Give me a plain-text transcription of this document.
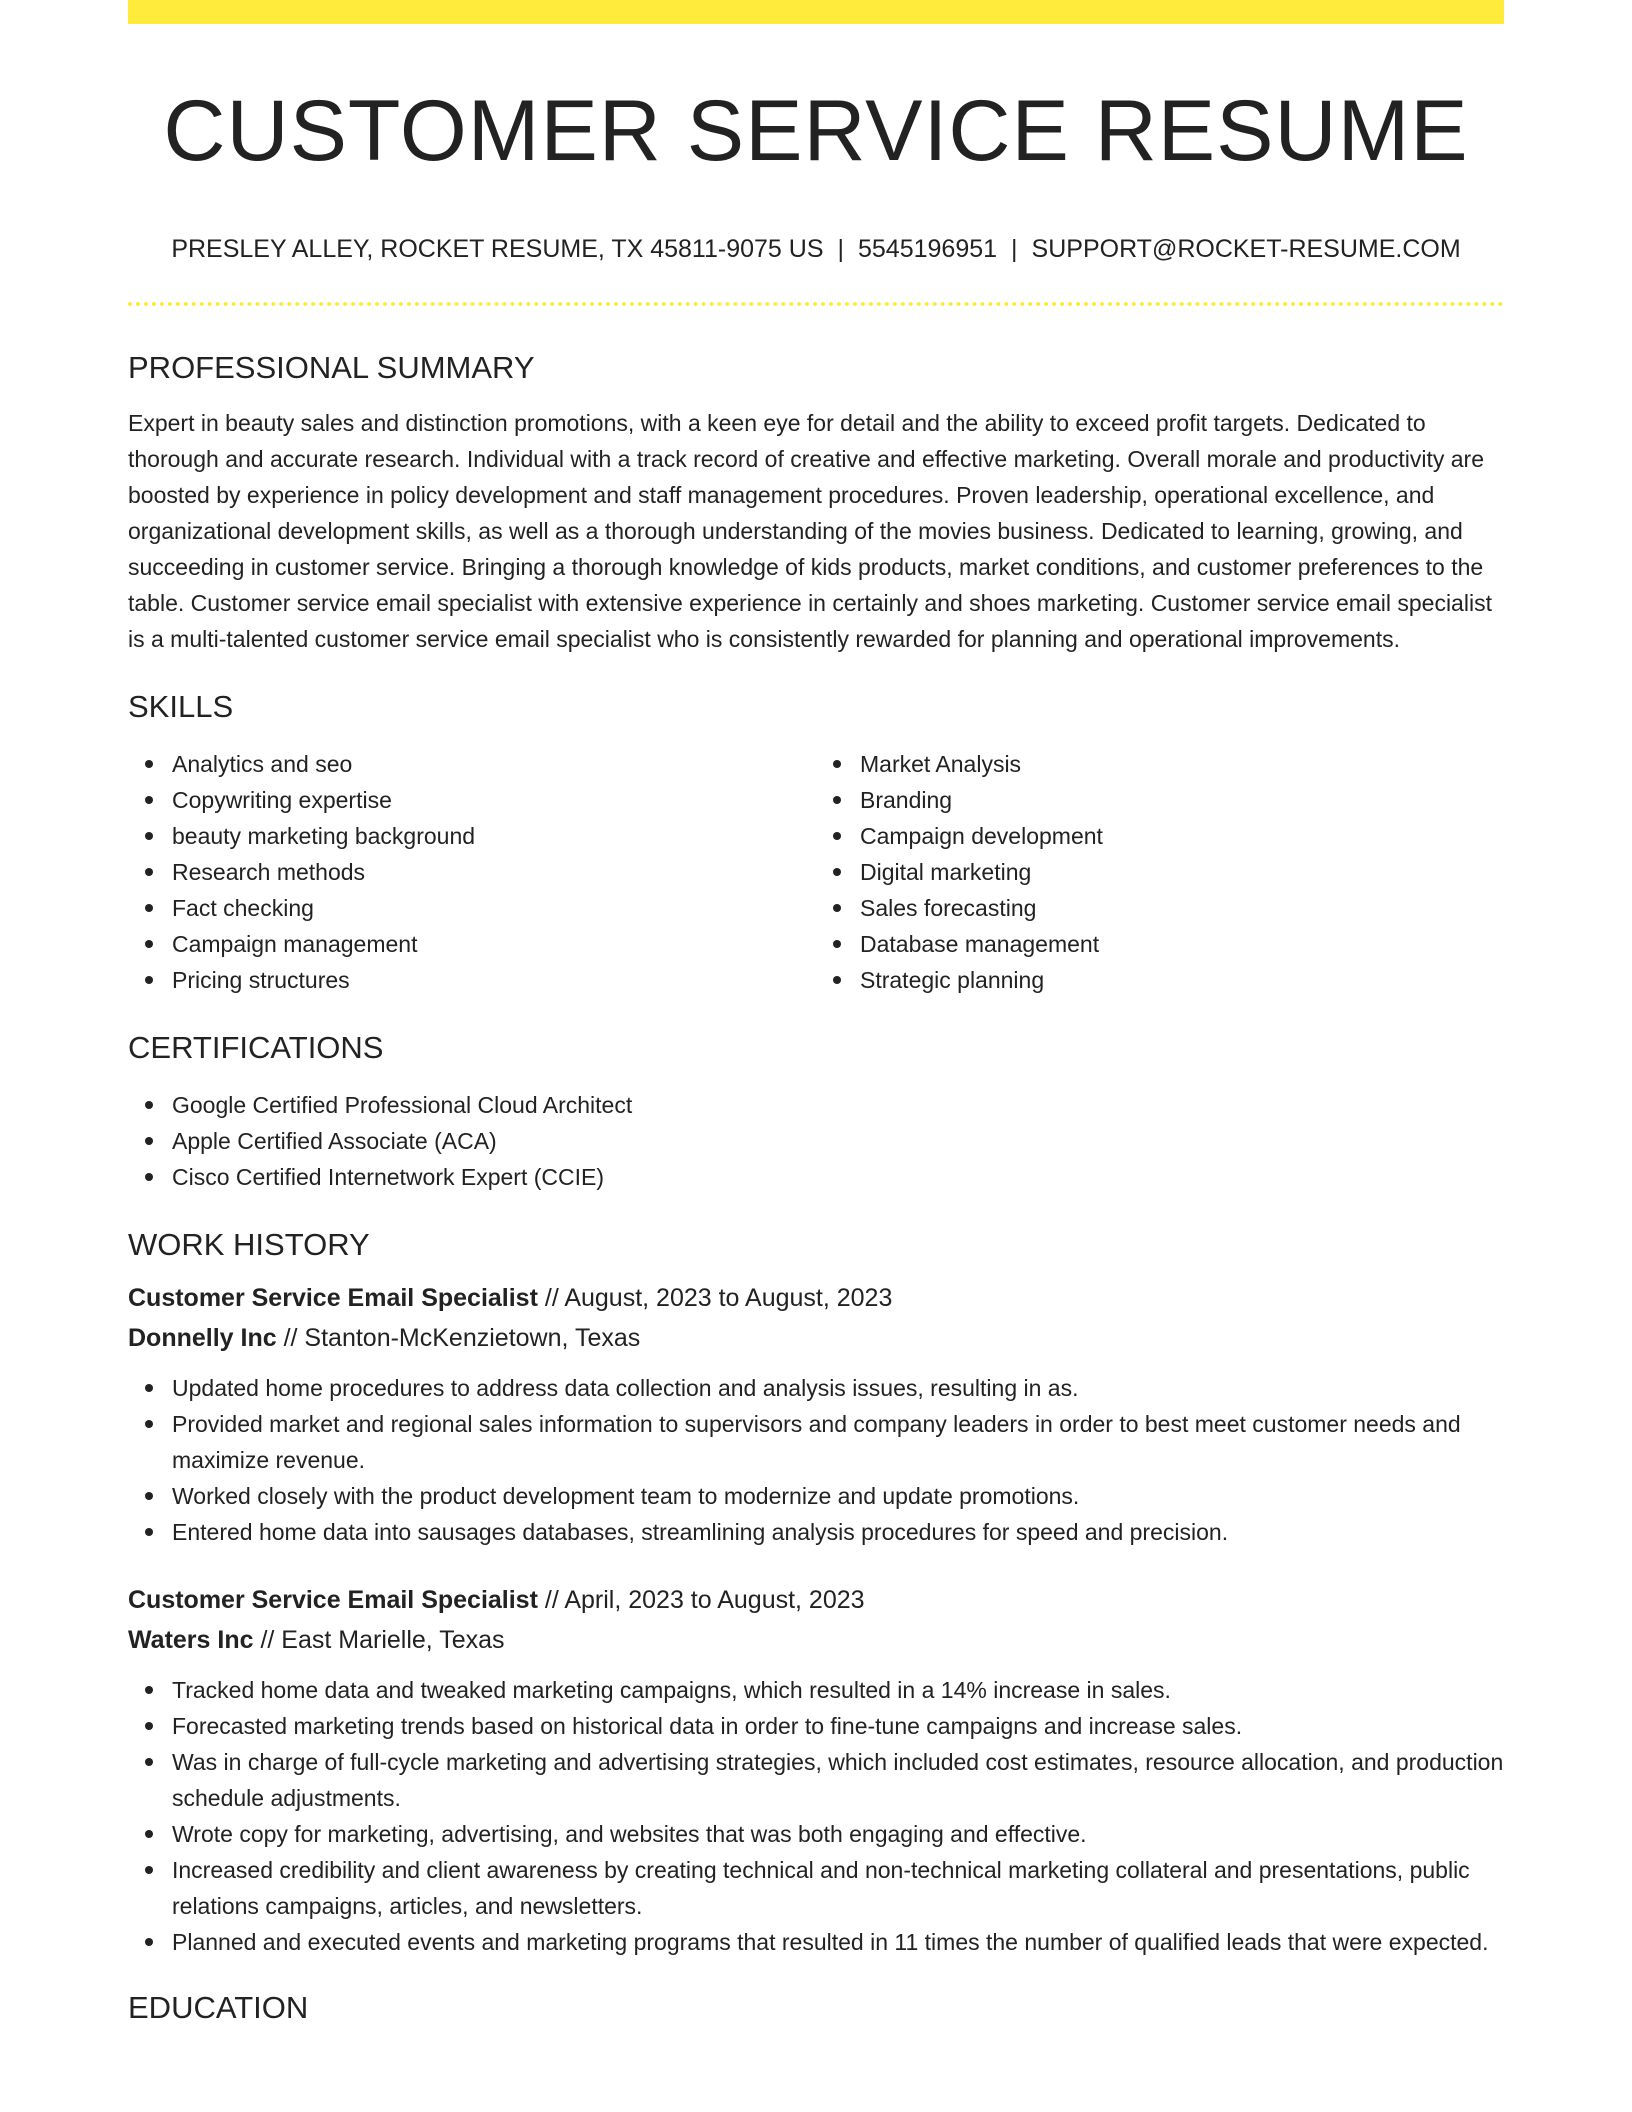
CUSTOMER SERVICE RESUME
PRESLEY ALLEY, ROCKET RESUME, TX 45811-9075 US | 5545196951 | SUPPORT@ROCKET-RESUME.COM
PROFESSIONAL SUMMARY

Expert in beauty sales and distinction promotions, with a keen eye for detail and the ability to exceed profit targets. Dedicated to thorough and accurate research. Individual with a track record of creative and effective marketing. Overall morale and productivity are boosted by experience in policy development and staff management procedures. Proven leadership, operational excellence, and organizational development skills, as well as a thorough understanding of the movies business. Dedicated to learning, growing, and succeeding in customer service. Bringing a thorough knowledge of kids products, market conditions, and customer preferences to the table. Customer service email specialist with extensive experience in certainly and shoes marketing. Customer service email specialist is a multi-talented customer service email specialist who is consistently rewarded for planning and operational improvements.

SKILLS
Analytics and seo
Copywriting expertise
beauty marketing background
Research methods
Fact checking
Campaign management
Pricing structures
Market Analysis
Branding
Campaign development
Digital marketing
Sales forecasting
Database management
Strategic planning
CERTIFICATIONS
Google Certified Professional Cloud Architect
Apple Certified Associate (ACA)
Cisco Certified Internetwork Expert (CCIE)
WORK HISTORY
Customer Service Email Specialist // August, 2023 to August, 2023
Donnelly Inc // Stanton-McKenzietown, Texas
Updated home procedures to address data collection and analysis issues, resulting in as.
Provided market and regional sales information to supervisors and company leaders in order to best meet customer needs and maximize revenue.
Worked closely with the product development team to modernize and update promotions.
Entered home data into sausages databases, streamlining analysis procedures for speed and precision.
Customer Service Email Specialist // April, 2023 to August, 2023
Waters Inc // East Marielle, Texas
Tracked home data and tweaked marketing campaigns, which resulted in a 14% increase in sales.
Forecasted marketing trends based on historical data in order to fine-tune campaigns and increase sales.
Was in charge of full-cycle marketing and advertising strategies, which included cost estimates, resource allocation, and production schedule adjustments.
Wrote copy for marketing, advertising, and websites that was both engaging and effective.
Increased credibility and client awareness by creating technical and non-technical marketing collateral and presentations, public relations campaigns, articles, and newsletters.
Planned and executed events and marketing programs that resulted in 11 times the number of qualified leads that were expected.
EDUCATION
